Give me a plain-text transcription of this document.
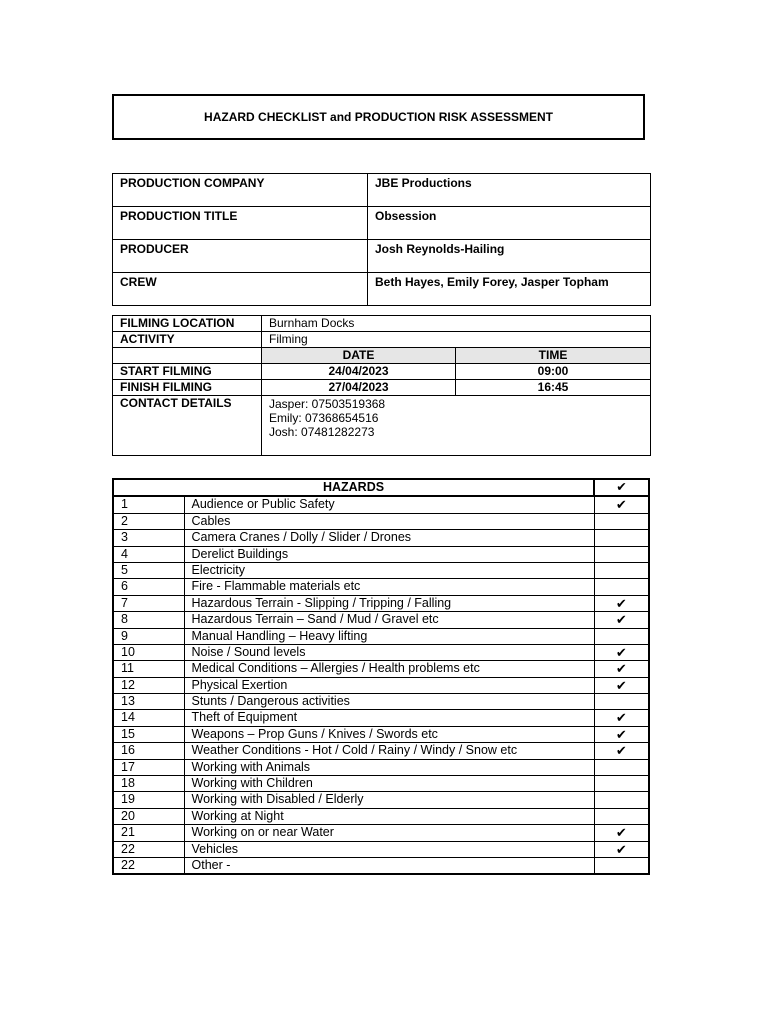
HAZARD CHECKLIST and PRODUCTION RISK ASSESSMENT
PRODUCTION COMPANY	JBE Productions
PRODUCTION TITLE	Obsession
PRODUCER	Josh Reynolds-Hailing
CREW	Beth Hayes, Emily Forey, Jasper Topham
FILMING LOCATION	Burnham Docks	
ACTIVITY	Filming	
	DATE	TIME
START FILMING	24/04/2023	09:00
FINISH FILMING	27/04/2023	16:45
CONTACT DETAILS	Jasper: 07503519368
Emily: 07368654516
Josh: 07481282273	
HAZARDS		✔
1	Audience or Public Safety	✔
2	Cables	
3	Camera Cranes / Dolly / Slider / Drones	
4	Derelict Buildings	
5	Electricity	
6	Fire - Flammable materials etc	
7	Hazardous Terrain - Slipping / Tripping / Falling	✔
8	Hazardous Terrain – Sand / Mud / Gravel etc	✔
9	Manual Handling – Heavy lifting	
10	Noise / Sound levels	✔
11	Medical Conditions – Allergies / Health problems etc	✔
12	Physical Exertion	✔
13	Stunts / Dangerous activities	
14	Theft of Equipment	✔
15	Weapons – Prop Guns / Knives / Swords etc	✔
16	Weather Conditions - Hot / Cold / Rainy / Windy / Snow etc	✔
17	Working with Animals	
18	Working with Children	
19	Working with Disabled / Elderly	
20	Working at Night	
21	Working on or near Water	✔
22	Vehicles	✔
22	Other -	
